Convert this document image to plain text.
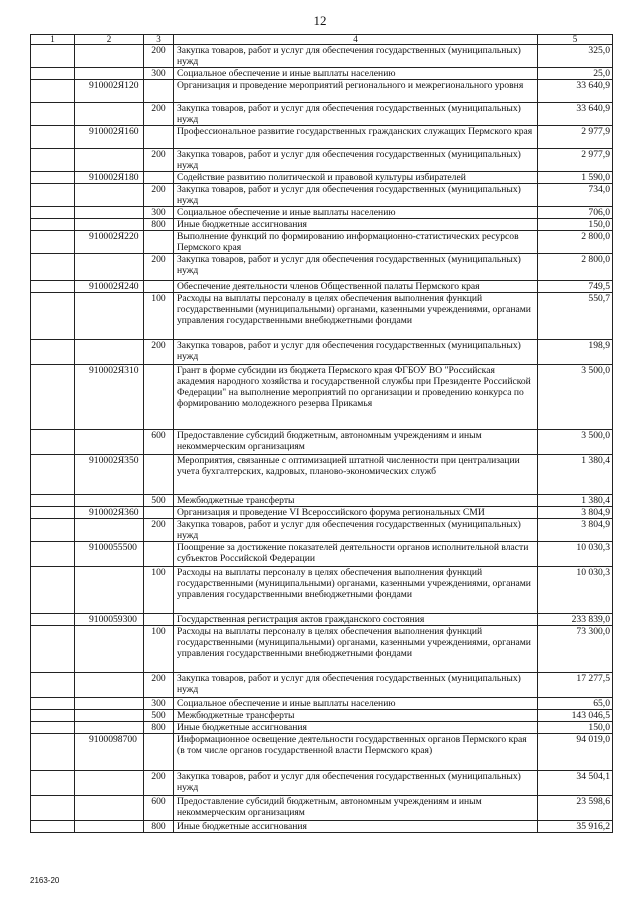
12
1	2	3	4	5
		200	Закупка товаров, работ и услуг для обеспечения государственных (муниципальных) нужд	325,0
		300	Социальное обеспечение и иные выплаты населению	25,0
	910002Я120		Организация и проведение мероприятий регионального и межрегионального уровня	33 640,9
		200	Закупка товаров, работ и услуг для обеспечения государственных (муниципальных) нужд	33 640,9
	910002Я160		Профессиональное развитие государственных гражданских служащих Пермского края	2 977,9
		200	Закупка товаров, работ и услуг для обеспечения государственных (муниципальных) нужд	2 977,9
	910002Я180		Содействие развитию политической и правовой культуры избирателей	1 590,0
		200	Закупка товаров, работ и услуг для обеспечения государственных (муниципальных) нужд	734,0
		300	Социальное обеспечение и иные выплаты населению	706,0
		800	Иные бюджетные ассигнования	150,0
	910002Я220		Выполнение функций по формированию информационно-статистических ресурсов Пермского края	2 800,0
		200	Закупка товаров, работ и услуг для обеспечения государственных (муниципальных) нужд	2 800,0
	910002Я240		Обеспечение деятельности членов Общественной палаты Пермского края	749,5
		100	Расходы на выплаты персоналу в целях обеспечения выполнения функций государственными (муниципальными) органами, казенными учреждениями, органами управления государственными внебюджетными фондами	550,7
		200	Закупка товаров, работ и услуг для обеспечения государственных (муниципальных) нужд	198,9
	910002Я310		Грант в форме субсидии из бюджета Пермского края ФГБОУ ВО "Российская академия народного хозяйства и государственной службы при Президенте Российской Федерации" на выполнение мероприятий по организации и проведению конкурса по формированию молодежного резерва Прикамья	3 500,0
		600	Предоставление субсидий бюджетным, автономным учреждениям и иным некоммерческим организациям	3 500,0
	910002Я350		Мероприятия, связанные с оптимизацией штатной численности при централизации учета бухгалтерских, кадровых, планово-экономических служб	1 380,4
		500	Межбюджетные трансферты	1 380,4
	910002Я360		Организация и проведение VI Всероссийского форума региональных СМИ	3 804,9
		200	Закупка товаров, работ и услуг для обеспечения государственных (муниципальных) нужд	3 804,9
	9100055500		Поощрение за достижение показателей деятельности органов исполнительной власти субъектов Российской Федерации	10 030,3
		100	Расходы на выплаты персоналу в целях обеспечения выполнения функций государственными (муниципальными) органами, казенными учреждениями, органами управления государственными внебюджетными фондами	10 030,3
	9100059300		Государственная регистрация актов гражданского состояния	233 839,0
		100	Расходы на выплаты персоналу в целях обеспечения выполнения функций государственными (муниципальными) органами, казенными учреждениями, органами управления государственными внебюджетными фондами	73 300,0
		200	Закупка товаров, работ и услуг для обеспечения государственных (муниципальных) нужд	17 277,5
		300	Социальное обеспечение и иные выплаты населению	65,0
		500	Межбюджетные трансферты	143 046,5
		800	Иные бюджетные ассигнования	150,0
	9100098700		Информационное освещение деятельности государственных органов Пермского края (в том числе органов государственной власти Пермского края)	94 019,0
		200	Закупка товаров, работ и услуг для обеспечения государственных (муниципальных) нужд	34 504,1
		600	Предоставление субсидий бюджетным, автономным учреждениям и иным некоммерческим организациям	23 598,6
		800	Иные бюджетные ассигнования	35 916,2
2163-20
